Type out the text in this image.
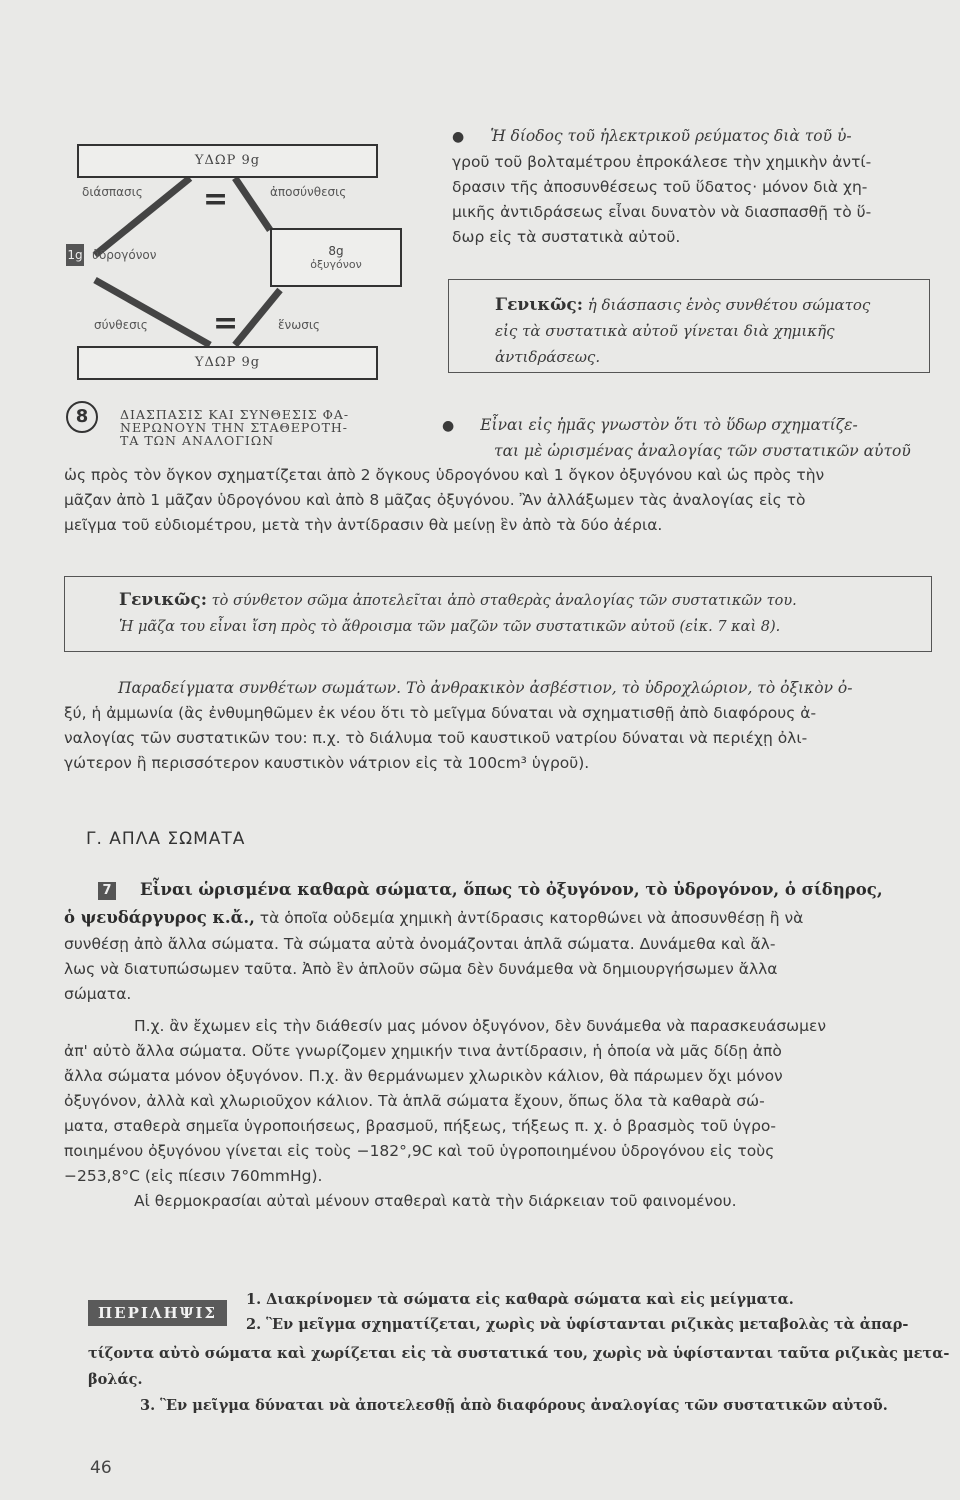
ΥΔΩΡ 9g
διάσπασις	ἀποσύνθεσις
=
1g ὑδρογόνον	8g
ὀξυγόνον
σύνθεσις =	ἕνωσις
ΥΔΩΡ 9g
8	ΔΙΑΣΠΑΣΙΣ ΚΑΙ ΣΥΝΘΕΣΙΣ ΦΑ-
ΝΕΡΩΝΟΥΝ ΤΗΝ ΣΤΑΘΕΡΟΤΗ-
ΤΑ ΤΩΝ ΑΝΑΛΟΓΙΩΝ
● Ἡ δίοδος τοῦ ἠλεκτρικοῦ ρεύματος διὰ τοῦ ὑ-
γροῦ τοῦ βολταμέτρου ἐπροκάλεσε τὴν χημικὴν ἀντί-
δρασιν τῆς ἀποσυνθέσεως τοῦ ὕδατος· μόνον διὰ χη-
μικῆς ἀντιδράσεως εἶναι δυνατὸν νὰ διασπασθῇ τὸ ὕ-
δωρ εἰς τὰ συστατικὰ αὐτοῦ.
Γενικῶς: ἡ διάσπασις ἑνὸς συνθέτου σώματος
εἰς τὰ συστατικὰ αὐτοῦ γίνεται διὰ χημικῆς
ἀντιδράσεως.
● Εἶναι εἰς ἡμᾶς γνωστὸν ὅτι τὸ ὕδωρ σχηματίζε-
ται μὲ ὡρισμένας ἀναλογίας τῶν συστατικῶν αὐτοῦ
ὡς πρὸς τὸν ὄγκον σχηματίζεται ἀπὸ 2 ὄγκους ὑδρογόνου καὶ 1 ὄγκον ὀξυγόνου καὶ ὡς πρὸς τὴν
μᾶζαν ἀπὸ 1 μᾶζαν ὑδρογόνου καὶ ἀπὸ 8 μᾶζας ὀξυγόνου. Ἂν ἀλλάξωμεν τὰς ἀναλογίας εἰς τὸ
μεῖγμα τοῦ εὐδιομέτρου, μετὰ τὴν ἀντίδρασιν θὰ μείνῃ ἓν ἀπὸ τὰ δύο ἀέρια.
Γενικῶς: τὸ σύνθετον σῶμα ἀποτελεῖται ἀπὸ σταθερὰς ἀναλογίας τῶν συστατικῶν του.
Ἡ μᾶζα του εἶναι ἴση πρὸς τὸ ἄθροισμα τῶν μαζῶν τῶν συστατικῶν αὐτοῦ (εἰκ. 7 καὶ 8).
Παραδείγματα συνθέτων σωμάτων. Τὸ ἀνθρακικὸν ἀσβέστιον, τὸ ὑδροχλώριον, τὸ ὀξικὸν ὀ-
ξύ, ἡ ἀμμωνία (ἂς ἐνθυμηθῶμεν ἐκ νέου ὅτι τὸ μεῖγμα δύναται νὰ σχηματισθῇ ἀπὸ διαφόρους ἀ-
ναλογίας τῶν συστατικῶν του: π.χ. τὸ διάλυμα τοῦ καυστικοῦ νατρίου δύναται νὰ περιέχῃ ὀλι-
γώτερον ἢ περισσότερον καυστικὸν νάτριον εἰς τὰ 100cm³ ὑγροῦ).
Γ. ΑΠΛΑ ΣΩΜΑΤΑ
7	Εἶναι ὡρισμένα καθαρὰ σώματα, ὅπως τὸ ὀξυγόνον, τὸ ὑδρογόνον, ὁ σίδηρος,
ὁ ψευδάργυρος κ.ἄ., τὰ ὁποῖα οὐδεμία χημικὴ ἀντίδρασις κατορθώνει νὰ ἀποσυνθέσῃ ἢ νὰ
συνθέσῃ ἀπὸ ἄλλα σώματα. Τὰ σώματα αὐτὰ ὀνομάζονται ἁπλᾶ σώματα. Δυνάμεθα καὶ ἄλ-
λως νὰ διατυπώσωμεν ταῦτα. Ἀπὸ ἓν ἁπλοῦν σῶμα δὲν δυνάμεθα νὰ δημιουργήσωμεν ἄλλα
σώματα.
Π.χ. ἂν ἔχωμεν εἰς τὴν διάθεσίν μας μόνον ὀξυγόνον, δὲν δυνάμεθα νὰ παρασκευάσωμεν
ἀπ' αὐτὸ ἄλλα σώματα. Οὔτε γνωρίζομεν χημικήν τινα ἀντίδρασιν, ἡ ὁποία νὰ μᾶς δίδῃ ἀπὸ
ἄλλα σώματα μόνον ὀξυγόνον. Π.χ. ἂν θερμάνωμεν χλωρικὸν κάλιον, θὰ πάρωμεν ὄχι μόνον
ὀξυγόνον, ἀλλὰ καὶ χλωριοῦχον κάλιον. Τὰ ἁπλᾶ σώματα ἔχουν, ὅπως ὅλα τὰ καθαρὰ σώ-
ματα, σταθερὰ σημεῖα ὑγροποιήσεως, βρασμοῦ, πήξεως, τήξεως π. χ. ὁ βρασμὸς τοῦ ὑγρο-
ποιημένου ὀξυγόνου γίνεται εἰς τοὺς −182°,9C καὶ τοῦ ὑγροποιημένου ὑδρογόνου εἰς τοὺς
−253,8°C (εἰς πίεσιν 760mmHg).
Αἱ θερμοκρασίαι αὐταὶ μένουν σταθεραὶ κατὰ τὴν διάρκειαν τοῦ φαινομένου.
ΠΕΡΙΛΗΨΙΣ
1. Διακρίνομεν τὰ σώματα εἰς καθαρὰ σώματα καὶ εἰς μείγματα.
2. Ἓν μεῖγμα σχηματίζεται, χωρὶς νὰ ὑφίστανται ριζικὰς μεταβολὰς τὰ ἀπαρ-
τίζοντα αὐτὸ σώματα καὶ χωρίζεται εἰς τὰ συστατικά του, χωρὶς νὰ ὑφίστανται ταῦτα ριζικὰς μετα-
βολάς.
3. Ἓν μεῖγμα δύναται νὰ ἀποτελεσθῇ ἀπὸ διαφόρους ἀναλογίας τῶν συστατικῶν αὐτοῦ.
46
